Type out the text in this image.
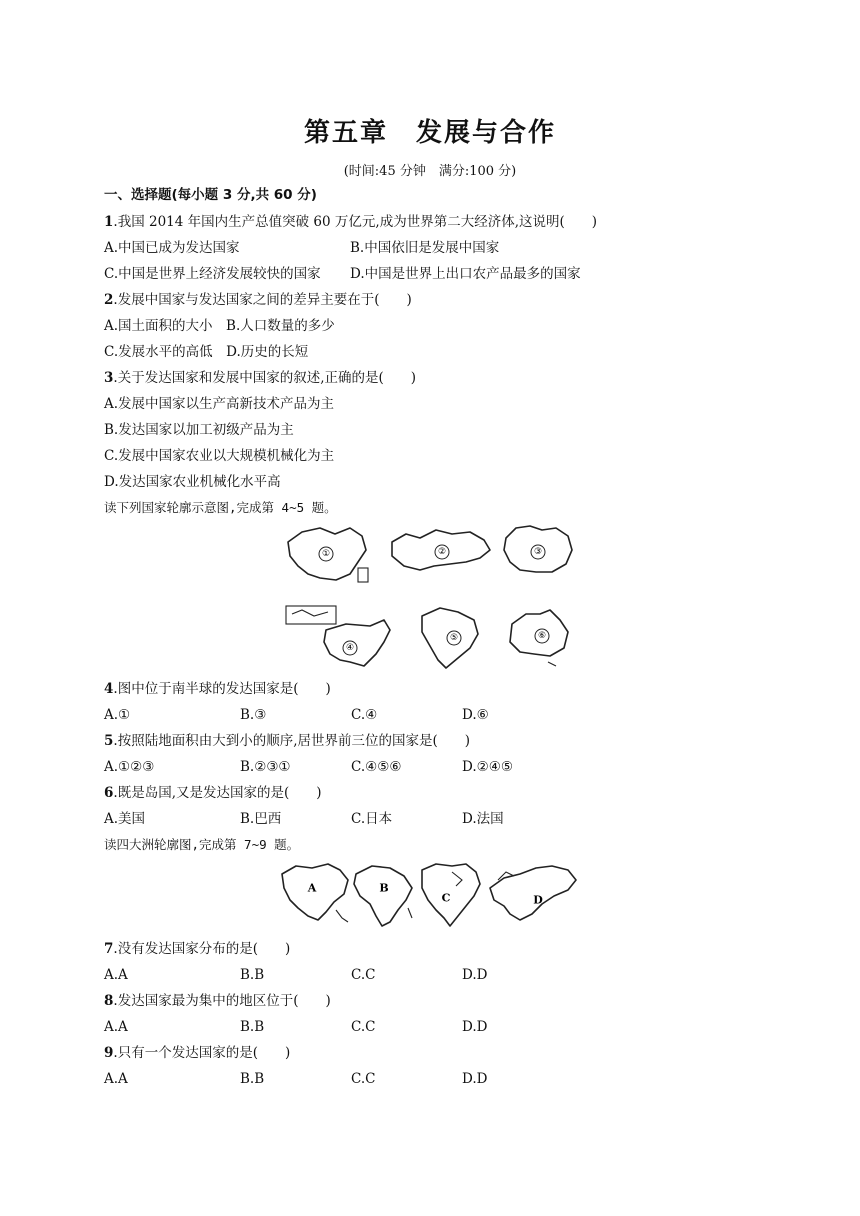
第五章　发展与合作
(时间:45 分钟　满分:100 分)
一、选择题(每小题 3 分,共 60 分)
1.我国 2014 年国内生产总值突破 60 万亿元,成为世界第二大经济体,这说明(　　)
A.中国已成为发达国家	B.中国依旧是发展中国家
C.中国是世界上经济发展较快的国家 D.中国是世界上出口农产品最多的国家
2.发展中国家与发达国家之间的差异主要在于(　　)
A.国土面积的大小　B.人口数量的多少
C.发展水平的高低　D.历史的长短
3.关于发达国家和发展中国家的叙述,正确的是(　　)
A.发展中国家以生产高新技术产品为主
B.发达国家以加工初级产品为主
C.发展中国家农业以大规模机械化为主
D.发达国家农业机械化水平高
读下列国家轮廓示意图,完成第 4~5 题。
①	②	③
④
⑤	⑥
4.图中位于南半球的发达国家是(　　)
A.①	B.③	C.④	D.⑥
5.按照陆地面积由大到小的顺序,居世界前三位的国家是(　　)
A.①②③	B.②③①	C.④⑤⑥	D.②④⑤
6.既是岛国,又是发达国家的是(　　)
A.美国	B.巴西	C.日本	D.法国
读四大洲轮廓图,完成第 7~9 题。
A	B
C	D
7.没有发达国家分布的是(　　)
A.A	B.B	C.C	D.D
8.发达国家最为集中的地区位于(　　)
A.A	B.B	C.C	D.D
9.只有一个发达国家的是(　　)
A.A	B.B	C.C	D.D
